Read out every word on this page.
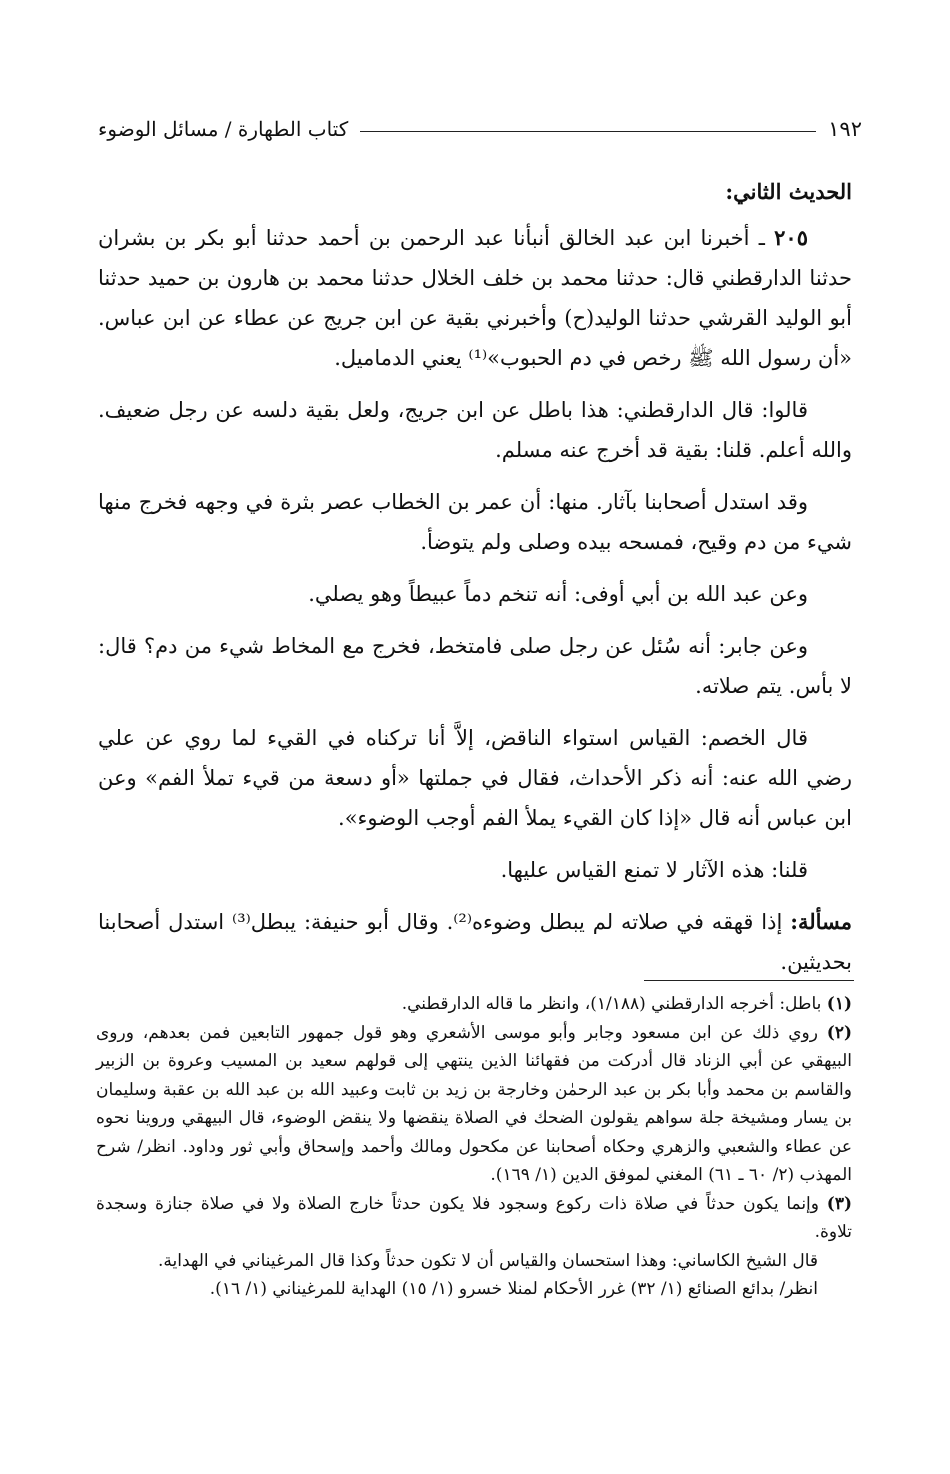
١٩٢
كتاب الطهارة / مسائل الوضوء

الحديث الثاني:

٢٠٥ ـ أخبرنا ابن عبد الخالق أنبأنا عبد الرحمن بن أحمد حدثنا أبو بكر بن بشران حدثنا الدارقطني قال: حدثنا محمد بن خلف الخلال حدثنا محمد بن هارون بن حميد حدثنا أبو الوليد القرشي حدثنا الوليد(ح) وأخبرني بقية عن ابن جريج عن عطاء عن ابن عباس. «أن رسول الله ﷺ رخص في دم الحبوب»⁽¹⁾ يعني الدماميل.

قالوا: قال الدارقطني: هذا باطل عن ابن جريج، ولعل بقية دلسه عن رجل ضعيف. والله أعلم. قلنا: بقية قد أخرج عنه مسلم.

وقد استدل أصحابنا بآثار. منها: أن عمر بن الخطاب عصر بثرة في وجهه فخرج منها شيء من دم وقيح، فمسحه بيده وصلى ولم يتوضأ.

وعن عبد الله بن أبي أوفى: أنه تنخم دماً عبيطاً وهو يصلي.

وعن جابر: أنه سُئل عن رجل صلى فامتخط، فخرج مع المخاط شيء من دم؟ قال: لا بأس. يتم صلاته.

قال الخصم: القياس استواء الناقض، إلاَّ أنا تركناه في القيء لما روي عن علي رضي الله عنه: أنه ذكر الأحداث، فقال في جملتها «أو دسعة من قيء تملأ الفم» وعن ابن عباس أنه قال «إذا كان القيء يملأ الفم أوجب الوضوء».

قلنا: هذه الآثار لا تمنع القياس عليها.

مسألة: إذا قهقه في صلاته لم يبطل وضوءه⁽²⁾. وقال أبو حنيفة: يبطل⁽³⁾ استدل أصحابنا بحديثين.

(١) باطل: أخرجه الدارقطني (١/١٨٨)، وانظر ما قاله الدارقطني.

(٢) روي ذلك عن ابن مسعود وجابر وأبو موسى الأشعري وهو قول جمهور التابعين فمن بعدهم، وروى البيهقي عن أبي الزناد قال أدركت من فقهائنا الذين ينتهي إلى قولهم سعيد بن المسيب وعروة بن الزبير والقاسم بن محمد وأبا بكر بن عبد الرحمٰن وخارجة بن زيد بن ثابت وعبيد الله بن عبد الله بن عقبة وسليمان بن يسار ومشيخة جلة سواهم يقولون الضحك في الصلاة ينقضها ولا ينقض الوضوء، قال البيهقي وروينا نحوه عن عطاء والشعبي والزهري وحكاه أصحابنا عن مكحول ومالك وأحمد وإسحاق وأبي ثور وداود. انظر/ شرح المهذب (٢/ ٦٠ ـ ٦١) المغني لموفق الدين (١/ ١٦٩).

(٣) وإنما يكون حدثاً في صلاة ذات ركوع وسجود فلا يكون حدثاً خارج الصلاة ولا في صلاة جنازة وسجدة تلاوة.

قال الشيخ الكاساني: وهذا استحسان والقياس أن لا تكون حدثاً وكذا قال المرغيناني في الهداية.

انظر/ بدائع الصنائع (١/ ٣٢) غرر الأحكام لمنلا خسرو (١/ ١٥) الهداية للمرغيناني (١/ ١٦).
